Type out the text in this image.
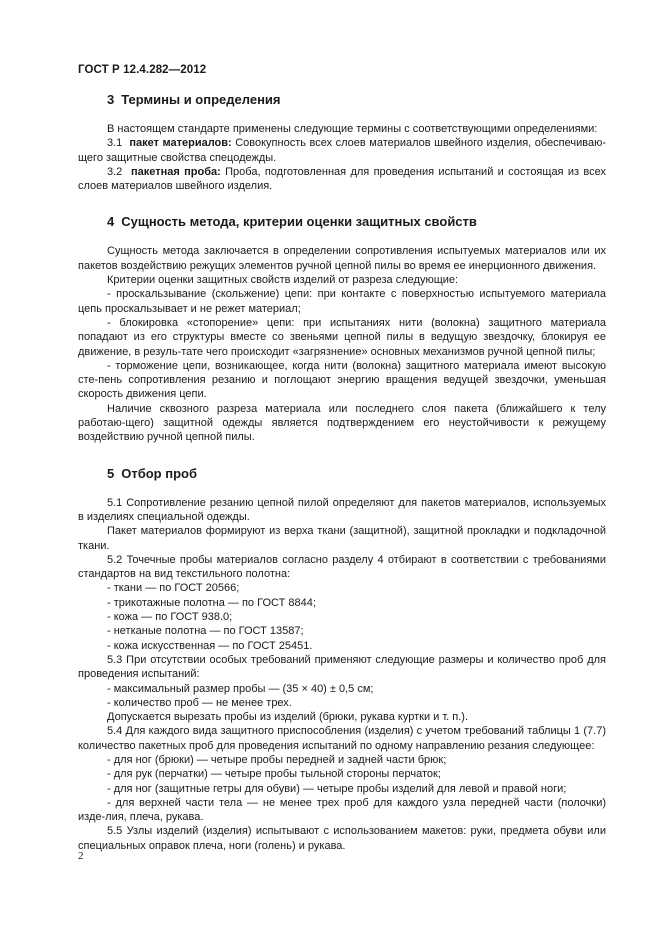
ГОСТ Р 12.4.282—2012
3 Термины и определения

В настоящем стандарте применены следующие термины с соответствующими определениями:

3.1 пакет материалов: Совокупность всех слоев материалов швейного изделия, обеспечиваю-щего защитные свойства спецодежды.

3.2 пакетная проба: Проба, подготовленная для проведения испытаний и состоящая из всех слоев материалов швейного изделия.

4 Сущность метода, критерии оценки защитных свойств

Сущность метода заключается в определении сопротивления испытуемых материалов или их пакетов воздействию режущих элементов ручной цепной пилы во время ее инерционного движения.

Критерии оценки защитных свойств изделий от разреза следующие:

- проскальзывание (скольжение) цепи: при контакте с поверхностью испытуемого материала цепь проскальзывает и не режет материал;

- блокировка «стопорение» цепи: при испытаниях нити (волокна) защитного материала попадают из его структуры вместе со звеньями цепной пилы в ведущую звездочку, блокируя ее движение, в резуль-тате чего происходит «загрязнение» основных механизмов ручной цепной пилы;

- торможение цепи, возникающее, когда нити (волокна) защитного материала имеют высокую сте-пень сопротивления резанию и поглощают энергию вращения ведущей звездочки, уменьшая скорость движения цепи.

Наличие сквозного разреза материала или последнего слоя пакета (ближайшего к телу работаю-щего) защитной одежды является подтверждением его неустойчивости к режущему воздействию ручной цепной пилы.

5 Отбор проб

5.1 Сопротивление резанию цепной пилой определяют для пакетов материалов, используемых в изделиях специальной одежды.

Пакет материалов формируют из верха ткани (защитной), защитной прокладки и подкладочной ткани.

5.2 Точечные пробы материалов согласно разделу 4 отбирают в соответствии с требованиями стандартов на вид текстильного полотна:

- ткани — по ГОСТ 20566;

- трикотажные полотна — по ГОСТ 8844;

- кожа — по ГОСТ 938.0;

- нетканые полотна — по ГОСТ 13587;

- кожа искусственная — по ГОСТ 25451.

5.3 При отсутствии особых требований применяют следующие размеры и количество проб для проведения испытаний:

- максимальный размер пробы — (35 × 40) ± 0,5 см;

- количество проб — не менее трех.

Допускается вырезать пробы из изделий (брюки, рукава куртки и т. п.).

5.4 Для каждого вида защитного приспособления (изделия) с учетом требований таблицы 1 (7.7) количество пакетных проб для проведения испытаний по одному направлению резания следующее:

- для ног (брюки) — четыре пробы передней и задней части брюк;

- для рук (перчатки) — четыре пробы тыльной стороны перчаток;

- для ног (защитные гетры для обуви) — четыре пробы изделий для левой и правой ноги;

- для верхней части тела — не менее трех проб для каждого узла передней части (полочки) изде-лия, плеча, рукава.

5.5 Узлы изделий (изделия) испытывают с использованием макетов: руки, предмета обуви или специальных оправок плеча, ноги (голень) и рукава.

2
